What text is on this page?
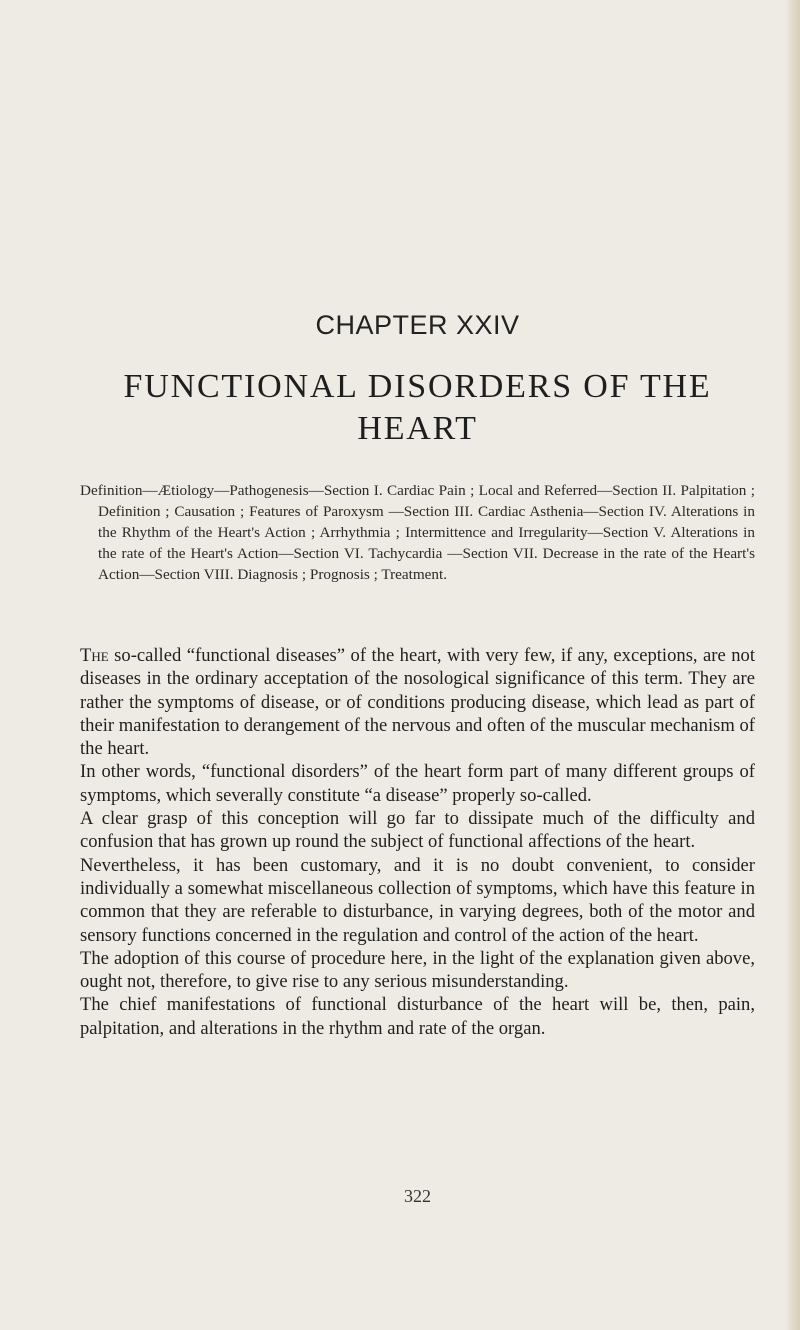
CHAPTER XXIV
FUNCTIONAL DISORDERS OF THE
HEART

Definition—Ætiology—Pathogenesis—Section I. Cardiac Pain ; Local and Referred—Section II. Palpitation ; Definition ; Causation ; Features of Paroxysm —Section III. Cardiac Asthenia—Section IV. Alterations in the Rhythm of the Heart's Action ; Arrhythmia ; Intermittence and Irregularity—Section V. Alterations in the rate of the Heart's Action—Section VI. Tachycardia —Section VII. Decrease in the rate of the Heart's Action—Section VIII. Diagnosis ; Prognosis ; Treatment.

The so-called “functional diseases” of the heart, with very few, if any, exceptions, are not diseases in the ordinary acceptation of the nosological significance of this term. They are rather the symptoms of disease, or of conditions producing disease, which lead as part of their manifestation to derangement of the nervous and often of the muscular mechanism of the heart.

In other words, “functional disorders” of the heart form part of many different groups of symptoms, which severally constitute “a disease” properly so-called.

A clear grasp of this conception will go far to dissipate much of the difficulty and confusion that has grown up round the subject of functional affections of the heart.

Nevertheless, it has been customary, and it is no doubt convenient, to consider individually a somewhat miscellaneous collection of symptoms, which have this feature in common that they are referable to disturbance, in varying degrees, both of the motor and sensory functions concerned in the regulation and control of the action of the heart.

The adoption of this course of procedure here, in the light of the explanation given above, ought not, therefore, to give rise to any serious misunderstanding.

The chief manifestations of functional disturbance of the heart will be, then, pain, palpitation, and alterations in the rhythm and rate of the organ.

322
